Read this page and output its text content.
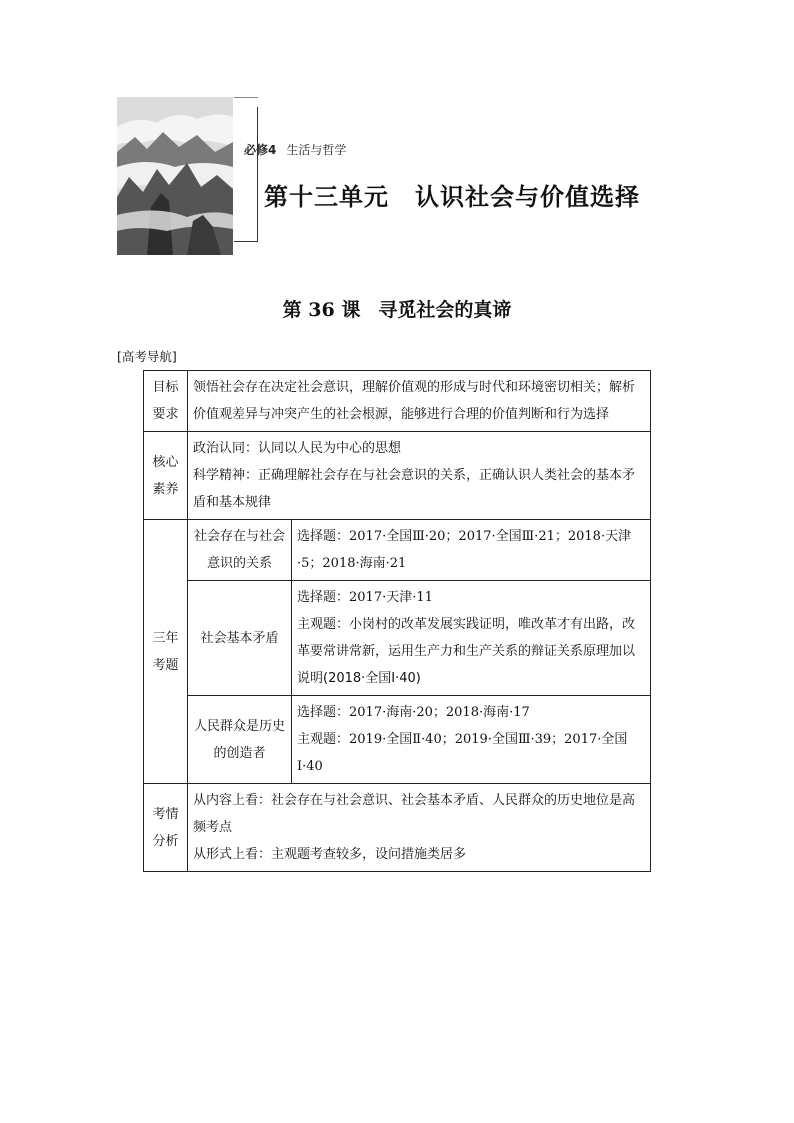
必修4 生活与哲学
第十三单元 认识社会与价值选择
第 36 课 寻觅社会的真谛
[高考导航]
目标要求	领悟社会存在决定社会意识，理解价值观的形成与时代和环境密切相关；解析价值观差异与冲突产生的社会根源，能够进行合理的价值判断和行为选择	
核心素养	政治认同：认同以人民为中心的思想
科学精神：正确理解社会存在与社会意识的关系，正确认识人类社会的基本矛盾和基本规律	

三年考题	社会存在与社会意识的关系	选择题：2017·全国Ⅲ·20；2017·全国Ⅲ·21；2018·天津·5；2018·海南·21

	社会基本矛盾	选择题：2017·天津·11
主观题：小岗村的改革发展实践证明，唯改革才有出路，改革要常讲常新，运用生产力和生产关系的辩证关系原理加以说明(2018·全国Ⅰ·40)

	人民群众是历史的创造者	选择题：2017·海南·20；2018·海南·17
主观题：2019·全国Ⅱ·40；2019·全国Ⅲ·39；2017·全国Ⅰ·40

考情分析	从内容上看：社会存在与社会意识、社会基本矛盾、人民群众的历史地位是高频考点
从形式上看：主观题考查较多，设问措施类居多	
